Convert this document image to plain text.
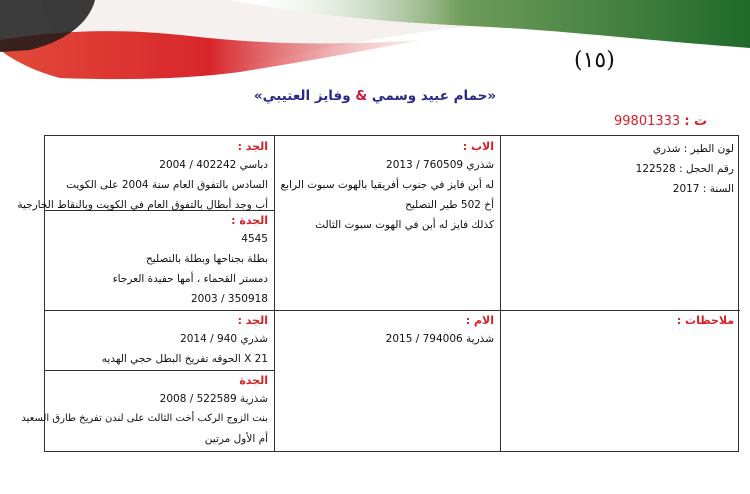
(١٥)
«حمام عبيد وسمي & وفايز العتيبي»
ت : 99801333
لون الطير : شذري
رقم الحجل : 122528
السنة : 2017
ملاحظات :
الاب :
شذري 760509 / 2013
له أبن فايز في جنوب أفريقيا بالهوت سبوت الرابع
أخ 502 طير التصليح
كذلك فايز له أبن في الهوت سبوت الثالث
الام :
شذرية 794006 / 2015
الجد :
دباسي 402242 / 2004
السادس بالتفوق العام سنة 2004 على الكويت
أب وجد أبطال بالتفوق العام في الكويت وبالنقاط الخارجية
الجدة :
4545
بطلة بجناحها وبطلة بالتصليح
دمستر القحماء ، أمها حفيدة العرجاء
350918 / 2003
الجد :
شذري 940 / 2014
21 X الحوقه تفريخ البطل حجي الهديه
الجدة
شذرية 522589 / 2008
بنت الزوج الركب أخت الثالث على لندن تفريخ طارق السعيد
أم الأول مرتين
